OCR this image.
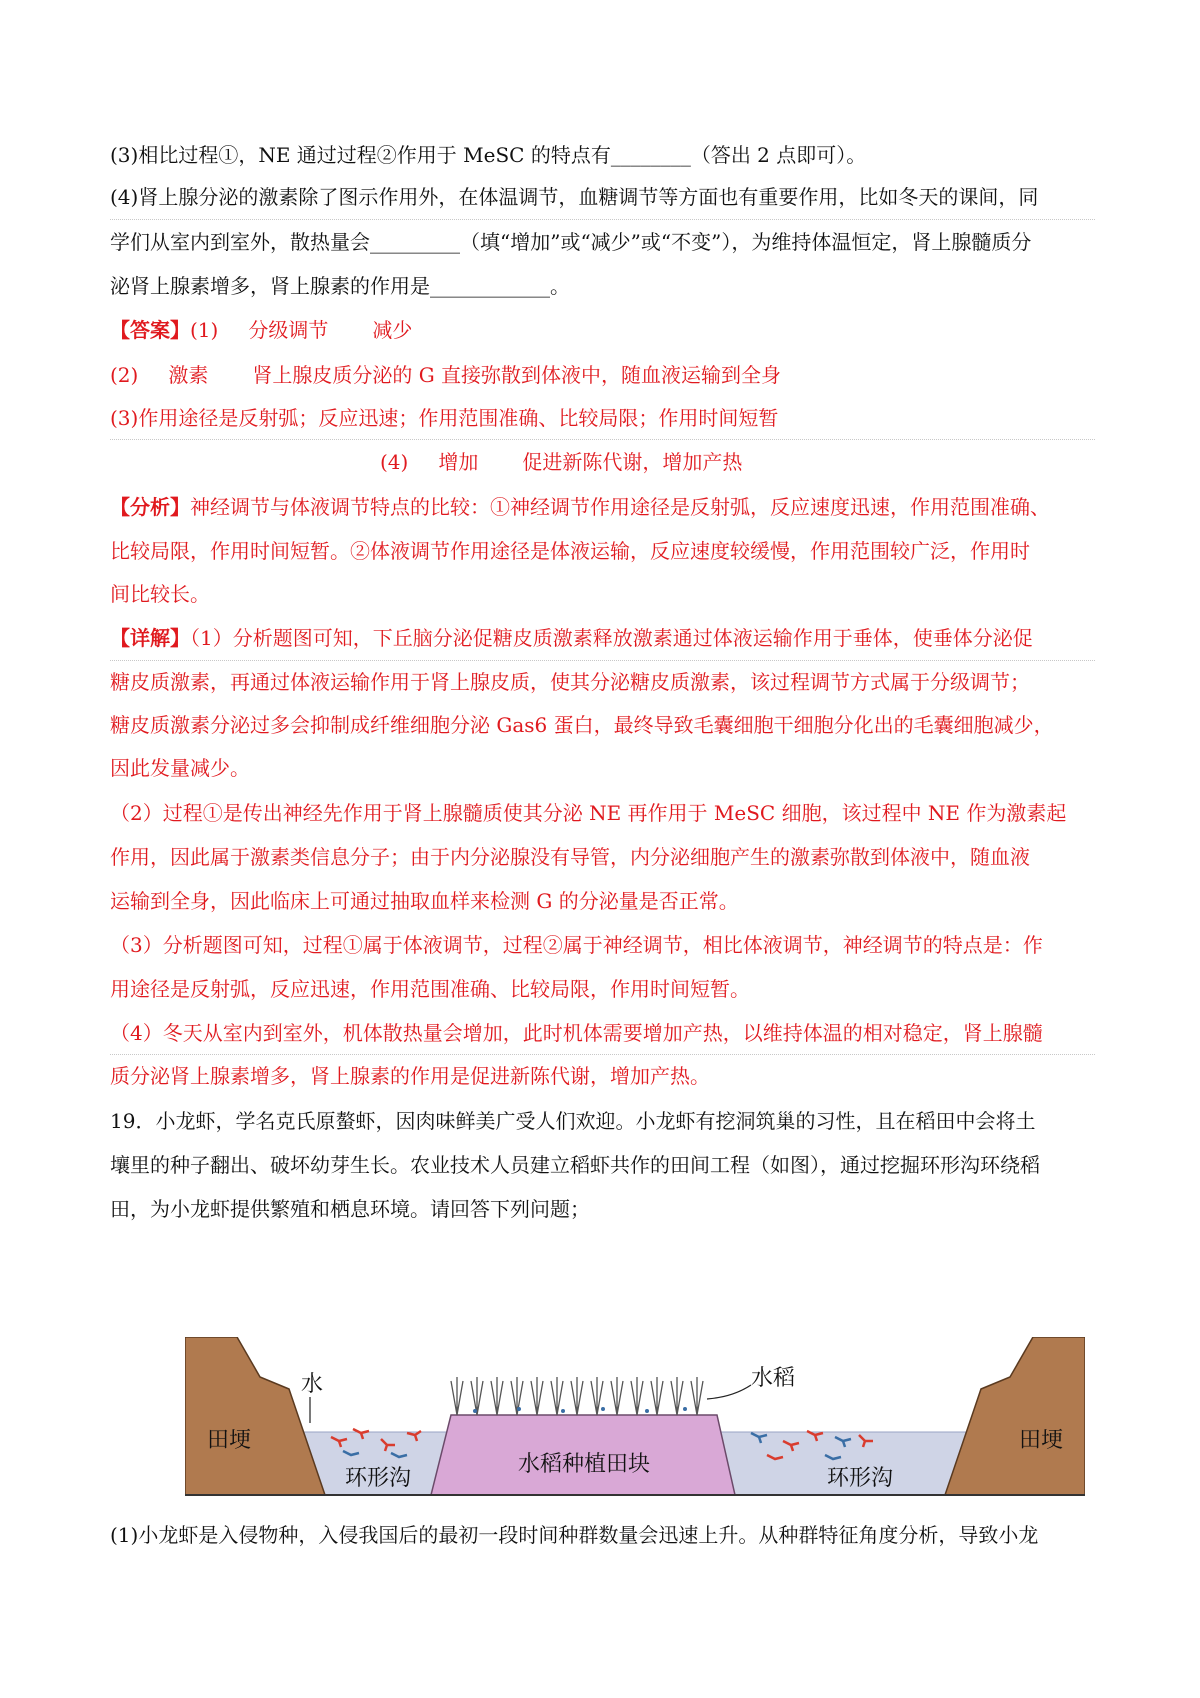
(3)相比过程①，NE 通过过程②作用于 MeSC 的特点有________（答出 2 点即可）。
(4)肾上腺分泌的激素除了图示作用外，在体温调节，血糖调节等方面也有重要作用，比如冬天的课间，同
学们从室内到室外，散热量会_________（填“增加”或“减少”或“不变”），为维持体温恒定，肾上腺髓质分
泌肾上腺素增多，肾上腺素的作用是____________。
【答案】(1) 分级调节 减少
(2) 激素 肾上腺皮质分泌的 G 直接弥散到体液中，随血液运输到全身
(3)作用途径是反射弧；反应迅速；作用范围准确、比较局限；作用时间短暂
(4) 增加 促进新陈代谢，增加产热
【分析】神经调节与体液调节特点的比较：①神经调节作用途径是反射弧，反应速度迅速，作用范围准确、
比较局限，作用时间短暂。②体液调节作用途径是体液运输，反应速度较缓慢，作用范围较广泛，作用时
间比较长。
【详解】（1）分析题图可知，下丘脑分泌促糖皮质激素释放激素通过体液运输作用于垂体，使垂体分泌促
糖皮质激素，再通过体液运输作用于肾上腺皮质，使其分泌糖皮质激素，该过程调节方式属于分级调节；
糖皮质激素分泌过多会抑制成纤维细胞分泌 Gas6 蛋白，最终导致毛囊细胞干细胞分化出的毛囊细胞减少，
因此发量减少。
（2）过程①是传出神经先作用于肾上腺髓质使其分泌 NE 再作用于 MeSC 细胞，该过程中 NE 作为激素起
作用，因此属于激素类信息分子；由于内分泌腺没有导管，内分泌细胞产生的激素弥散到体液中，随血液
运输到全身，因此临床上可通过抽取血样来检测 G 的分泌量是否正常。
（3）分析题图可知，过程①属于体液调节，过程②属于神经调节，相比体液调节，神经调节的特点是：作
用途径是反射弧，反应迅速，作用范围准确、比较局限，作用时间短暂。
（4）冬天从室内到室外，机体散热量会增加，此时机体需要增加产热，以维持体温的相对稳定，肾上腺髓
质分泌肾上腺素增多，肾上腺素的作用是促进新陈代谢，增加产热。
19．小龙虾，学名克氏原螯虾，因肉味鲜美广受人们欢迎。小龙虾有挖洞筑巢的习性，且在稻田中会将土
壤里的种子翻出、破坏幼芽生长。农业技术人员建立稻虾共作的田间工程（如图），通过挖掘环形沟环绕稻
田，为小龙虾提供繁殖和栖息环境。请回答下列问题；
水	水稻
田埂	田埂
环形沟	环形沟
水稻种植田块
(1)小龙虾是入侵物种，入侵我国后的最初一段时间种群数量会迅速上升。从种群特征角度分析，导致小龙
